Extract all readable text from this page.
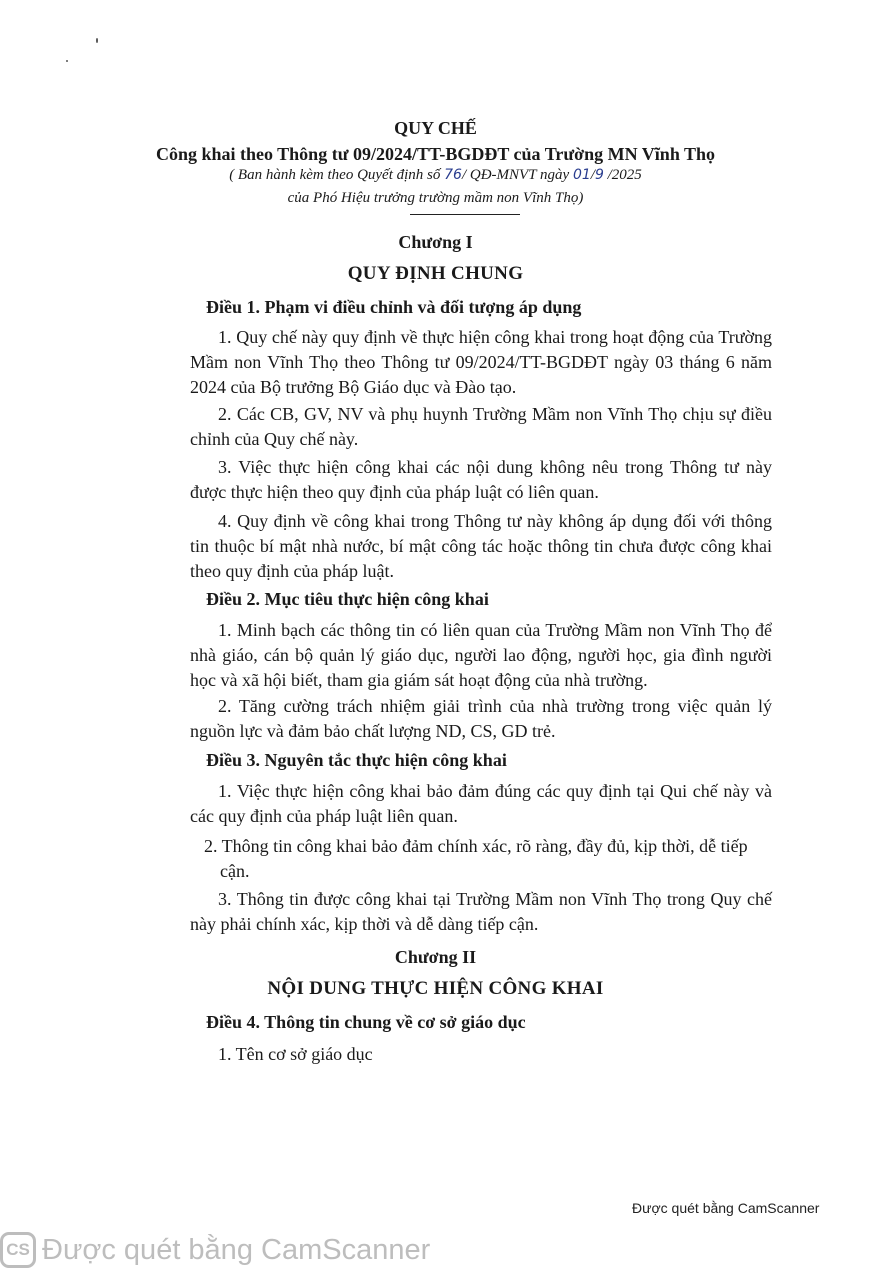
QUY CHẾ
Công khai theo Thông tư 09/2024/TT-BGDĐT của Trường MN Vĩnh Thọ
( Ban hành kèm theo Quyết định số 76/ QĐ-MNVT ngày 01/9 /2025
của Phó Hiệu trưởng trường mầm non Vĩnh Thọ)
Chương I
QUY ĐỊNH CHUNG
Điều 1. Phạm vi điều chỉnh và đối tượng áp dụng

1. Quy chế này quy định về thực hiện công khai trong hoạt động của Trường Mầm non Vĩnh Thọ theo Thông tư 09/2024/TT-BGDĐT ngày 03 tháng 6 năm 2024 của Bộ trưởng Bộ Giáo dục và Đào tạo.

2. Các CB, GV, NV và phụ huynh Trường Mầm non Vĩnh Thọ chịu sự điều chỉnh của Quy chế này.

3. Việc thực hiện công khai các nội dung không nêu trong Thông tư này được thực hiện theo quy định của pháp luật có liên quan.

4. Quy định về công khai trong Thông tư này không áp dụng đối với thông tin thuộc bí mật nhà nước, bí mật công tác hoặc thông tin chưa được công khai theo quy định của pháp luật.

Điều 2. Mục tiêu thực hiện công khai

1. Minh bạch các thông tin có liên quan của Trường Mầm non Vĩnh Thọ để nhà giáo, cán bộ quản lý giáo dục, người lao động, người học, gia đình người học và xã hội biết, tham gia giám sát hoạt động của nhà trường.

2. Tăng cường trách nhiệm giải trình của nhà trường trong việc quản lý nguồn lực và đảm bảo chất lượng ND, CS, GD trẻ.

Điều 3. Nguyên tắc thực hiện công khai

1. Việc thực hiện công khai bảo đảm đúng các quy định tại Qui chế này và các quy định của pháp luật liên quan.

2. Thông tin công khai bảo đảm chính xác, rõ ràng, đầy đủ, kịp thời, dễ tiếp
cận.

3. Thông tin được công khai tại Trường Mầm non Vĩnh Thọ trong Quy chế này phải chính xác, kịp thời và dễ dàng tiếp cận.

Chương II
NỘI DUNG THỰC HIỆN CÔNG KHAI
Điều 4. Thông tin chung về cơ sở giáo dục

1. Tên cơ sở giáo dục

Được quét bằng CamScanner
CS Được quét bằng CamScanner
